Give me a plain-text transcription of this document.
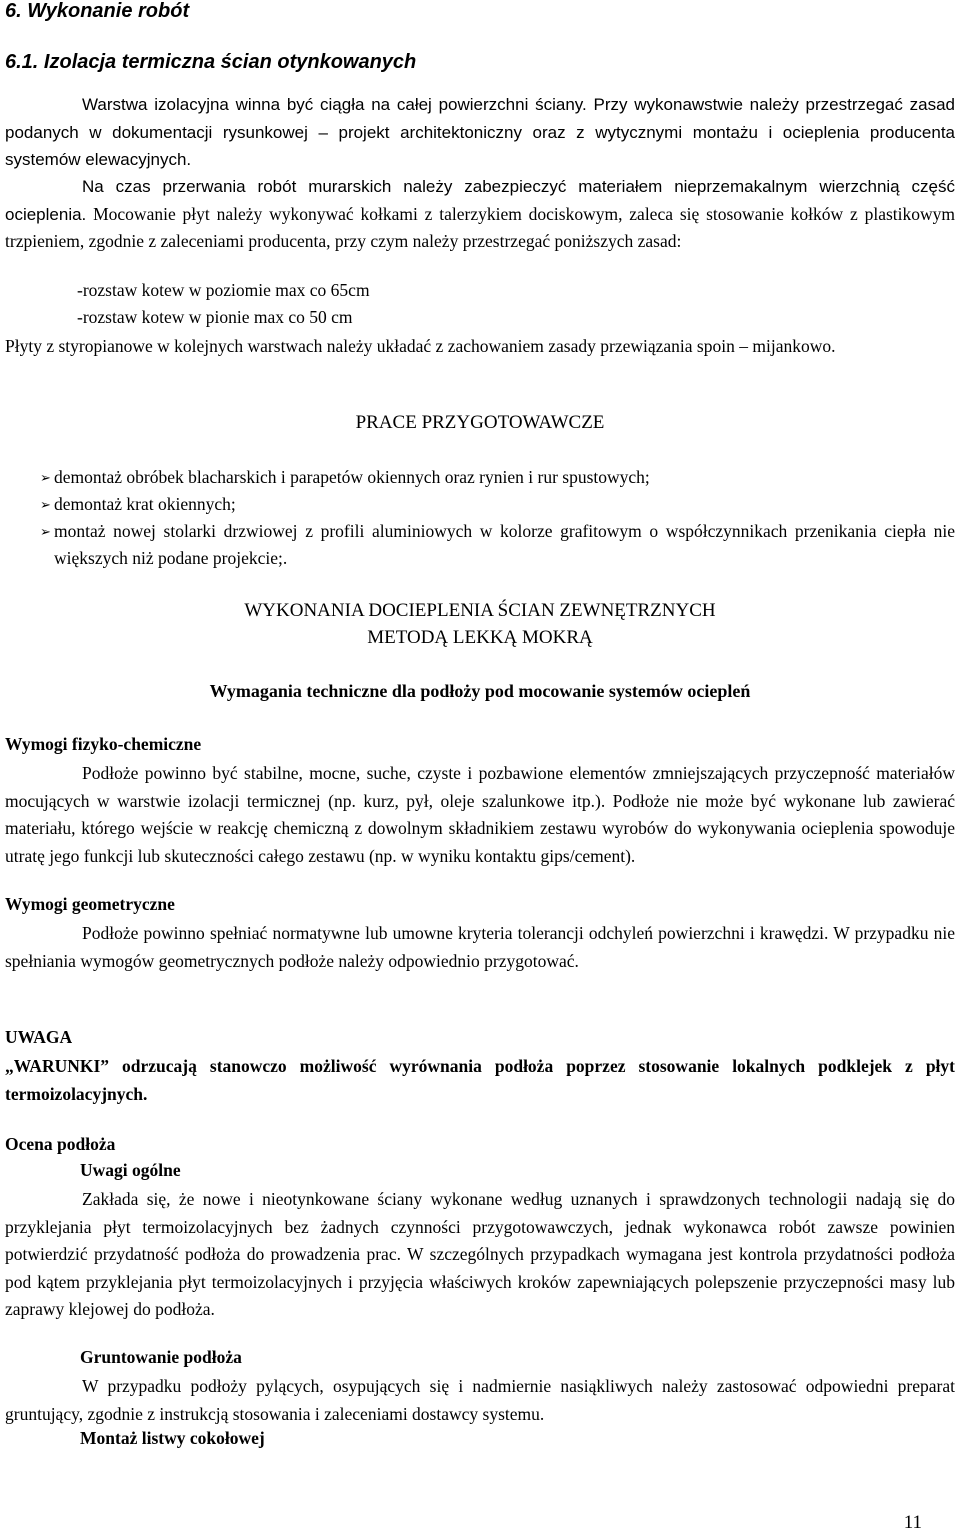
6. Wykonanie robót
6.1. Izolacja termiczna ścian otynkowanych
Warstwa izolacyjna winna być ciągła na całej powierzchni ściany. Przy wykonawstwie należy przestrzegać zasad podanych w dokumentacji rysunkowej – projekt architektoniczny oraz z wytycznymi montażu i ocieplenia producenta systemów elewacyjnych.
Na czas przerwania robót murarskich należy zabezpieczyć materiałem nieprzemakalnym wierzchnią część ocieplenia. Mocowanie płyt należy wykonywać kołkami z talerzykiem dociskowym, zaleca się stosowanie kołków z plastikowym trzpieniem, zgodnie z zaleceniami producenta, przy czym należy przestrzegać poniższych zasad:
-rozstaw kotew w poziomie max co 65cm
-rozstaw kotew w pionie max co 50 cm
Płyty z styropianowe w kolejnych warstwach należy układać z zachowaniem zasady przewiązania spoin – mijankowo.
PRACE PRZYGOTOWAWCZE
➢ demontaż obróbek blacharskich i parapetów okiennych oraz rynien i rur spustowych;
➢ demontaż krat okiennych;
➢ montaż nowej stolarki drzwiowej z profili aluminiowych w kolorze grafitowym o współczynnikach przenikania ciepła nie większych niż podane projekcie;.
WYKONANIA DOCIEPLENIA ŚCIAN ZEWNĘTRZNYCH
METODĄ LEKKĄ MOKRĄ
Wymagania techniczne dla podłoży pod mocowanie systemów ociepleń
Wymogi fizyko-chemiczne
Podłoże powinno być stabilne, mocne, suche, czyste i pozbawione elementów zmniejszających przyczepność materiałów mocujących w warstwie izolacji termicznej (np. kurz, pył, oleje szalunkowe itp.). Podłoże nie może być wykonane lub zawierać materiału, którego wejście w reakcję chemiczną z dowolnym składnikiem zestawu wyrobów do wykonywania ocieplenia spowoduje utratę jego funkcji lub skuteczności całego zestawu (np. w wyniku kontaktu gips/cement).
Wymogi geometryczne
Podłoże powinno spełniać normatywne lub umowne kryteria tolerancji odchyleń powierzchni i krawędzi. W przypadku nie spełniania wymogów geometrycznych podłoże należy odpowiednio przygotować.
UWAGA
„WARUNKI” odrzucają stanowczo możliwość wyrównania podłoża poprzez stosowanie lokalnych podklejek z płyt termoizolacyjnych.
Ocena podłoża
Uwagi ogólne
Zakłada się, że nowe i nieotynkowane ściany wykonane według uznanych i sprawdzonych technologii nadają się do przyklejania płyt termoizolacyjnych bez żadnych czynności przygotowawczych, jednak wykonawca robót zawsze powinien potwierdzić przydatność podłoża do prowadzenia prac. W szczególnych przypadkach wymagana jest kontrola przydatności podłoża pod kątem przyklejania płyt termoizolacyjnych i przyjęcia właściwych kroków zapewniających polepszenie przyczepności masy lub zaprawy klejowej do podłoża.
Gruntowanie podłoża
W przypadku podłoży pylących, osypujących się i nadmiernie nasiąkliwych należy zastosować odpowiedni preparat gruntujący, zgodnie z instrukcją stosowania i zaleceniami dostawcy systemu.
Montaż listwy cokołowej
11
